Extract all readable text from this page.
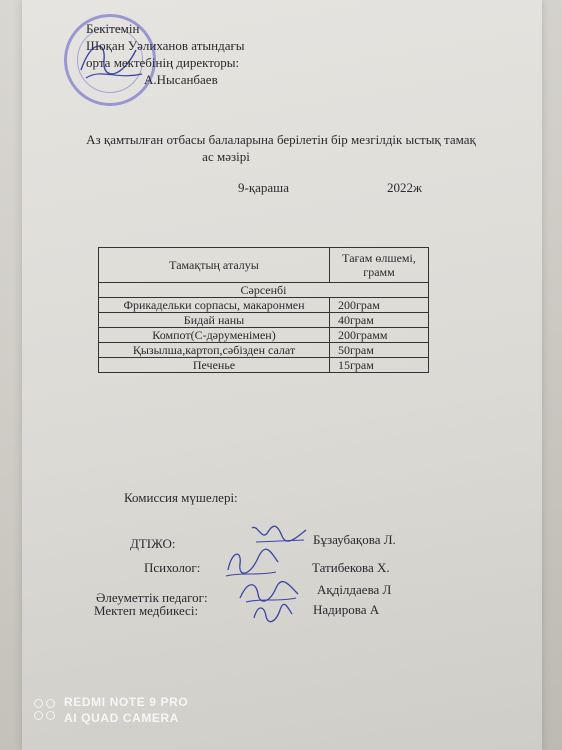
Бекітемін
Шоқан Уәлиханов атындағы
орта мектебінің директоры:
А.Нысанбаев
Аз қамтылған отбасы балаларына берілетін бір мезгілдік ыстық тамақ
ас мәзірі
9-қараша	2022ж
Тамақтың аталуы	Тағам өлшемі,
грамм
Сәрсенбі	
Фрикадельки сорпасы, макаронмен	200грам
Бидай наны	40грам
Компот(С-дәруменімен)	200грамм
Қызылша,картоп,сәбізден салат	50грам
Печенье	15грам
Комиссия мүшелері:
ДТІЖО:	Бұзаубақова Л.
Психолог:	Татибекова Х.
Әлеуметтік педагог:
Ақділдаева Л
Мектеп медбикесі:	Надирова А
REDMI NOTE 9 PRO
AI QUAD CAMERA
